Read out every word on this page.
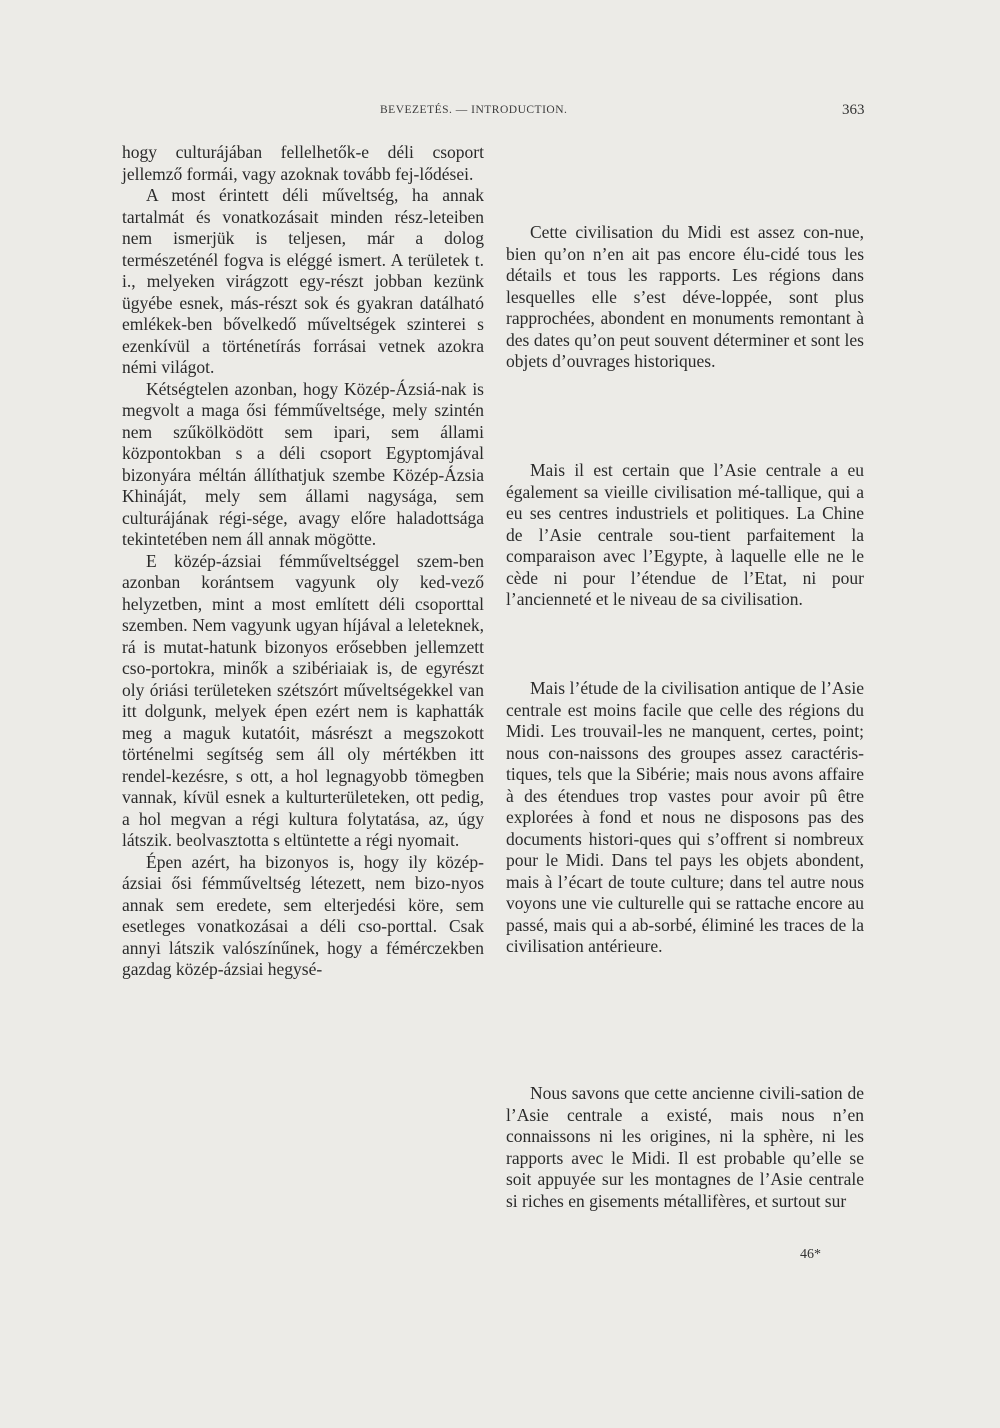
BEVEZETÉS. — INTRODUCTION.	363

hogy culturájában fellelhetők-e déli csoport jellemző formái, vagy azoknak tovább fej-lődései.

A most érintett déli műveltség, ha annak tartalmát és vonatkozásait minden rész-leteiben nem ismerjük is teljesen, már a dolog természeténél fogva is eléggé ismert. A területek t. i., melyeken virágzott egy-részt jobban kezünk ügyébe esnek, más-részt sok és gyakran datálható emlékek-ben bővelkedő műveltségek szinterei s ezenkívül a történetírás forrásai vetnek azokra némi világot.

Kétségtelen azonban, hogy Közép-Ázsiá-nak is megvolt a maga ősi fémműveltsége, mely szintén nem szűkölködött sem ipari, sem állami központokban s a déli csoport Egyptomjával bizonyára méltán állíthatjuk szembe Közép-Ázsia Khináját, mely sem állami nagysága, sem culturájának régi-sége, avagy előre haladottsága tekintetében nem áll annak mögötte.

E közép-ázsiai fémműveltséggel szem-ben azonban korántsem vagyunk oly ked-vező helyzetben, mint a most említett déli csoporttal szemben. Nem vagyunk ugyan híjával a leleteknek, rá is mutat-hatunk bizonyos erősebben jellemzett cso-portokra, minők a szibériaiak is, de egyrészt oly óriási területeken szétszórt műveltségekkel van itt dolgunk, melyek épen ezért nem is kaphatták meg a maguk kutatóit, másrészt a megszokott történelmi segítség sem áll oly mértékben itt rendel-kezésre, s ott, a hol legnagyobb tömegben vannak, kívül esnek a kulturterületeken, ott pedig, a hol megvan a régi kultura folytatása, az, úgy látszik. beolvasztotta s eltüntette a régi nyomait.

Épen azért, ha bizonyos is, hogy ily közép-ázsiai ősi fémműveltség létezett, nem bizo-nyos annak sem eredete, sem elterjedési köre, sem esetleges vonatkozásai a déli cso-porttal. Csak annyi látszik valószínűnek, hogy a fémérczekben gazdag közép-ázsiai hegysé-

Cette civilisation du Midi est assez con-nue, bien qu’on n’en ait pas encore élu-cidé tous les détails et tous les rapports. Les régions dans lesquelles elle s’est déve-loppée, sont plus rapprochées, abondent en monuments remontant à des dates qu’on peut souvent déterminer et sont les objets d’ouvrages historiques.
Mais il est certain que l’Asie centrale a eu également sa vieille civilisation mé-tallique, qui a eu ses centres industriels et politiques. La Chine de l’Asie centrale sou-tient parfaitement la comparaison avec l’Egypte, à laquelle elle ne le cède ni pour l’étendue de l’Etat, ni pour l’ancienneté et le niveau de sa civilisation.
Mais l’étude de la civilisation antique de l’Asie centrale est moins facile que celle des régions du Midi. Les trouvail-les ne manquent, certes, point; nous con-naissons des groupes assez caractéris-tiques, tels que la Sibérie; mais nous avons affaire à des étendues trop vastes pour avoir pû être explorées à fond et nous ne disposons pas des documents histori-ques qui s’offrent si nombreux pour le Midi. Dans tel pays les objets abondent, mais à l’écart de toute culture; dans tel autre nous voyons une vie culturelle qui se rattache encore au passé, mais qui a ab-sorbé, éliminé les traces de la civilisation antérieure.
Nous savons que cette ancienne civili-sation de l’Asie centrale a existé, mais nous n’en connaissons ni les origines, ni la sphère, ni les rapports avec le Midi. Il est probable qu’elle se soit appuyée sur les montagnes de l’Asie centrale si riches en gisements métallifères, et surtout sur
46*
